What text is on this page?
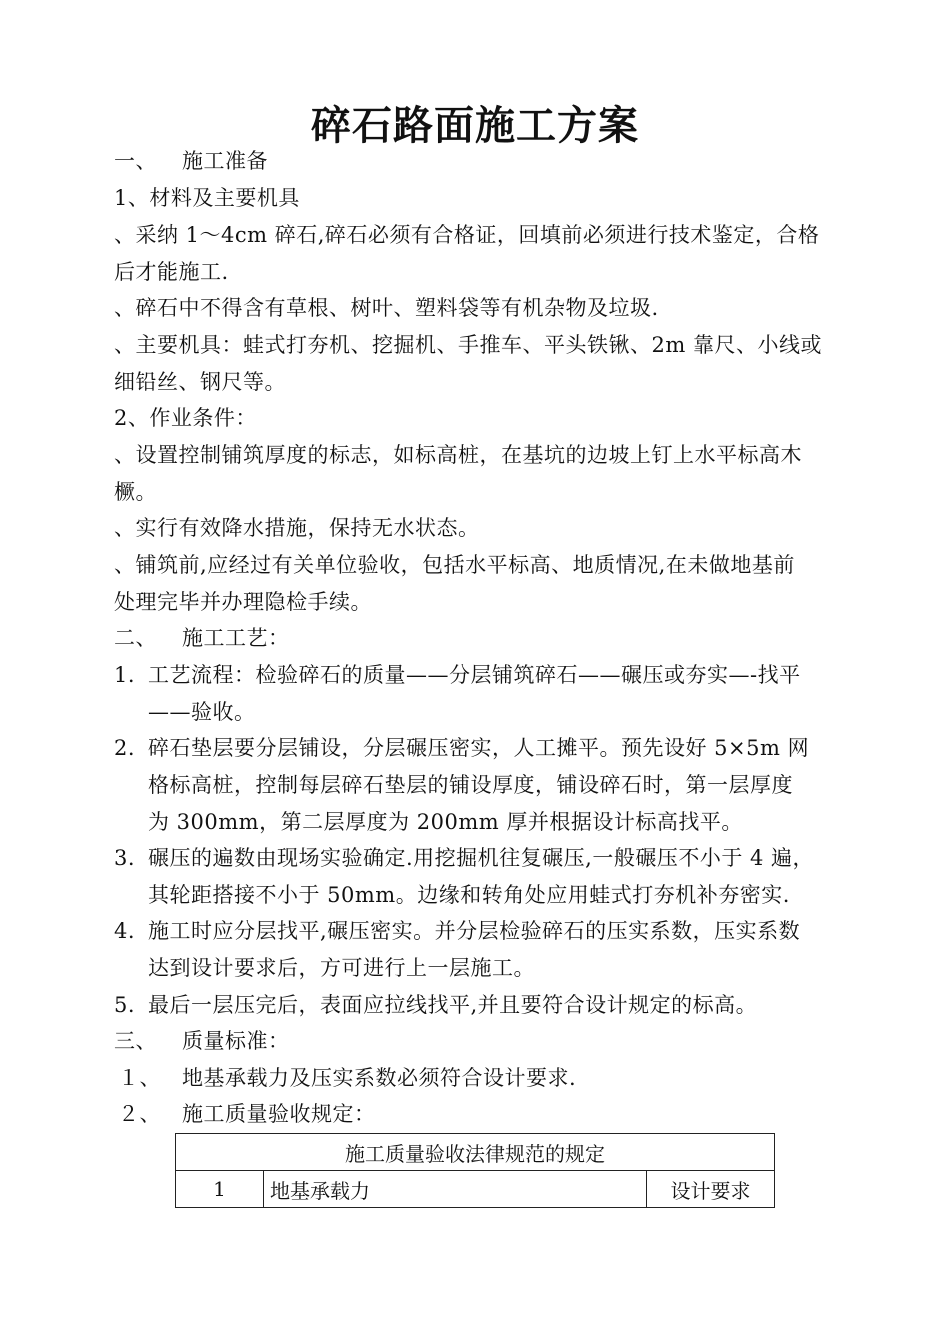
碎石路面施工方案
一、 施工准备
1、材料及主要机具
、采纳 1～4cm 碎石,碎石必须有合格证，回填前必须进行技术鉴定，合格
后才能施工.
、碎石中不得含有草根、树叶、塑料袋等有机杂物及垃圾.
、主要机具：蛙式打夯机、挖掘机、手推车、平头铁锹、2m 靠尺、小线或
细铅丝、钢尺等。
2、作业条件：
、设置控制铺筑厚度的标志，如标高桩，在基坑的边坡上钉上水平标高木
橛。
、实行有效降水措施，保持无水状态。
、铺筑前,应经过有关单位验收，包括水平标高、地质情况,在未做地基前
处理完毕并办理隐检手续。
二、 施工工艺：
1. 工艺流程：检验碎石的质量——分层铺筑碎石——碾压或夯实—-找平
——验收。
2. 碎石垫层要分层铺设，分层碾压密实，人工摊平。预先设好 5×5m 网
格标高桩，控制每层碎石垫层的铺设厚度，铺设碎石时，第一层厚度
为 300mm，第二层厚度为 200mm 厚并根据设计标高找平。
3. 碾压的遍数由现场实验确定.用挖掘机往复碾压,一般碾压不小于 4 遍，
其轮距搭接不小于 50mm。边缘和转角处应用蛙式打夯机补夯密实.
4. 施工时应分层找平,碾压密实。并分层检验碎石的压实系数，压实系数
达到设计要求后，方可进行上一层施工。
5. 最后一层压完后，表面应拉线找平,并且要符合设计规定的标高。
三、 质量标准：
１、 地基承载力及压实系数必须符合设计要求.
２、 施工质量验收规定：
施工质量验收法律规范的规定
1	地基承载力	设计要求
